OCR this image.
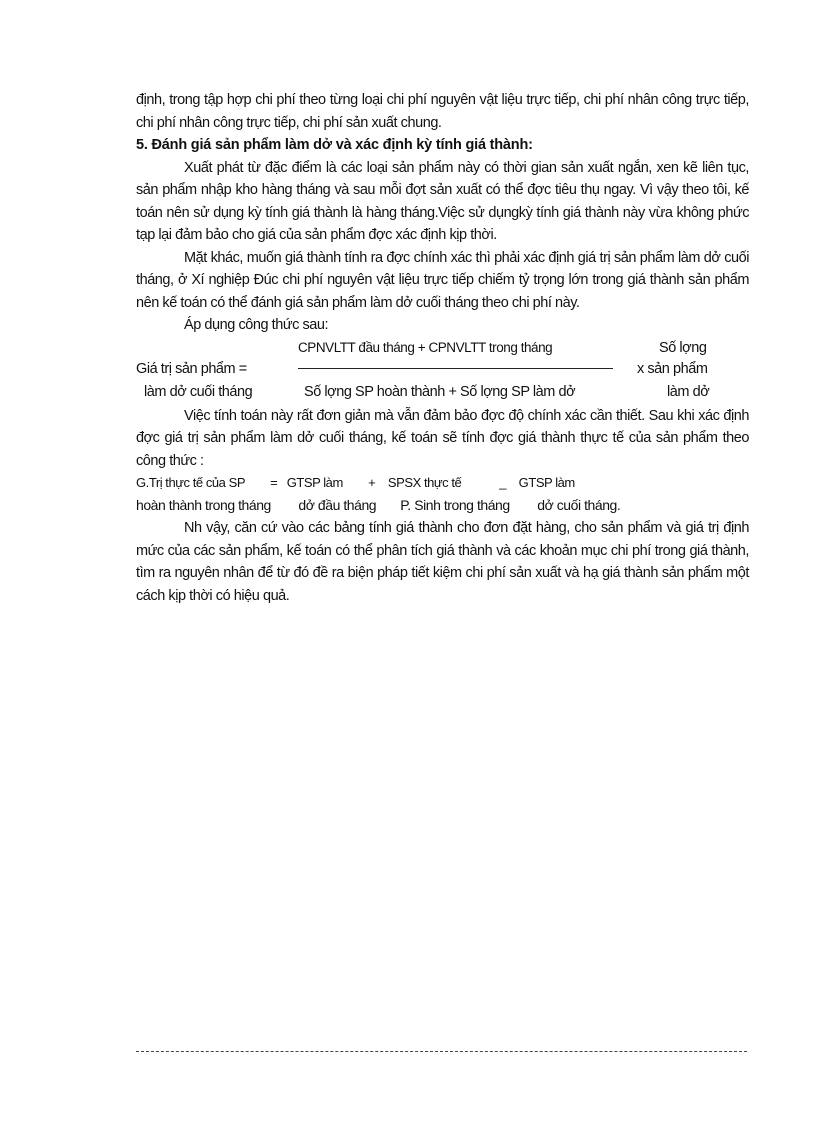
định, trong tập hợp chi phí theo từng loại chi phí nguyên vật liệu trực tiếp, chi phí nhân công trực tiếp, chi phí nhân công trực tiếp, chi phí sản xuất chung.

5. Đánh giá sản phẩm làm dở và xác định kỳ tính giá thành:

Xuất phát từ đặc điểm là các loại sản phẩm này có thời gian sản xuất ngắn, xen kẽ liên tục, sản phẩm nhập kho hàng tháng và sau mỗi đợt sản xuất có thể đợc tiêu thụ ngay. Vì vậy theo tôi, kế toán nên sử dụng kỳ tính giá thành là hàng tháng.Việc sử dụngkỳ tính giá thành này vừa không phức tạp lại đảm bảo cho giá của sản phẩm đợc xác định kịp thời.

Mặt khác, muốn giá thành tính ra đợc chính xác thì phải xác định giá trị sản phẩm làm dở cuối tháng, ở Xí nghiệp Đúc chi phí nguyên vật liệu trực tiếp chiếm tỷ trọng lớn trong giá thành sản phẩm nên kế toán có thể đánh giá sản phẩm làm dở cuối tháng theo chi phí này.

Áp dụng công thức sau:

CPNVLTT đầu tháng + CPNVLTT trong tháng	Số lợng
Giá trị sản phẩm =	x sản phẩm
làm dở cuối tháng	Số lợng SP hoàn thành + Số lợng SP làm dở	làm dở

Việc tính toán này rất đơn giản mà vẫn đảm bảo đợc độ chính xác cần thiết. Sau khi xác định đợc giá trị sản phẩm làm dở cuối tháng, kế toán sẽ tính đợc giá thành thực tế của sản phẩm theo công thức :

G.Trị thực tế của SP        =   GTSP làm        +    SPSX thực tế            _    GTSP làm
hoàn thành trong tháng        dở đầu tháng       P. Sinh trong tháng        dở cuối tháng.

Nh vậy, căn cứ vào các bảng tính giá thành cho đơn đặt hàng, cho sản phẩm và giá trị định mức của các sản phẩm, kế toán có thể phân tích giá thành và các khoản mục chi phí trong giá thành, tìm ra nguyên nhân để từ đó đề ra biện pháp tiết kiệm chi phí sản xuất và hạ giá thành sản phẩm một cách kịp thời có hiệu quả.
